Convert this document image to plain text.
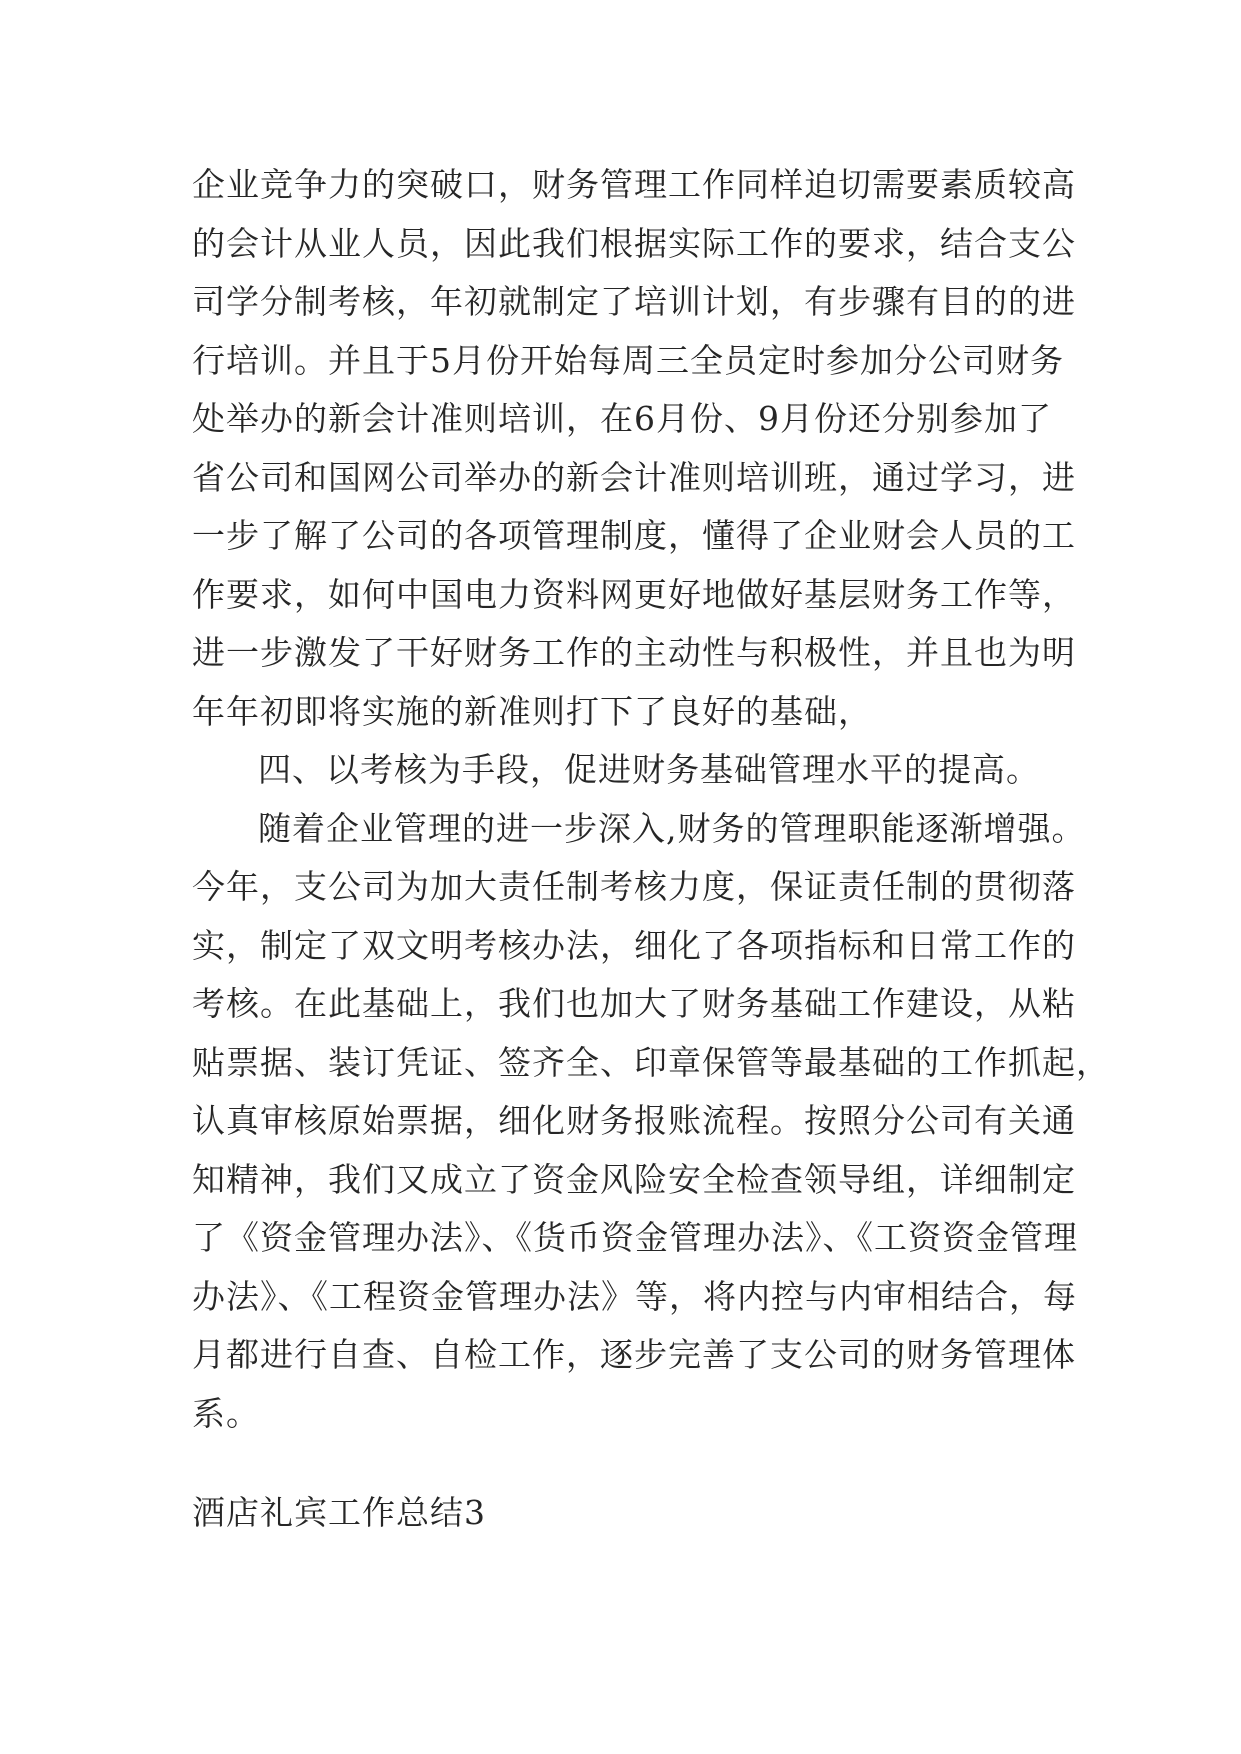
企业竞争力的突破口，财务管理工作同样迫切需要素质较高
的会计从业人员，因此我们根据实际工作的要求，结合支公
司学分制考核，年初就制定了培训计划，有步骤有目的的进
行培训。并且于5月份开始每周三全员定时参加分公司财务
处举办的新会计准则培训，在6月份、9月份还分别参加了
省公司和国网公司举办的新会计准则培训班，通过学习，进
一步了解了公司的各项管理制度，懂得了企业财会人员的工
作要求，如何中国电力资料网更好地做好基层财务工作等，
进一步激发了干好财务工作的主动性与积极性，并且也为明
年年初即将实施的新准则打下了良好的基础，
四、以考核为手段，促进财务基础管理水平的提高。
随着企业管理的进一步深入,财务的管理职能逐渐增强。
今年，支公司为加大责任制考核力度，保证责任制的贯彻落
实，制定了双文明考核办法，细化了各项指标和日常工作的
考核。在此基础上，我们也加大了财务基础工作建设，从粘
贴票据、装订凭证、签齐全、印章保管等最基础的工作抓起，
认真审核原始票据，细化财务报账流程。按照分公司有关通
知精神，我们又成立了资金风险安全检查领导组，详细制定
了《资金管理办法》、《货币资金管理办法》、《工资资金管理
办法》、《工程资金管理办法》等，将内控与内审相结合，每
月都进行自查、自检工作，逐步完善了支公司的财务管理体
系。
酒店礼宾工作总结3
